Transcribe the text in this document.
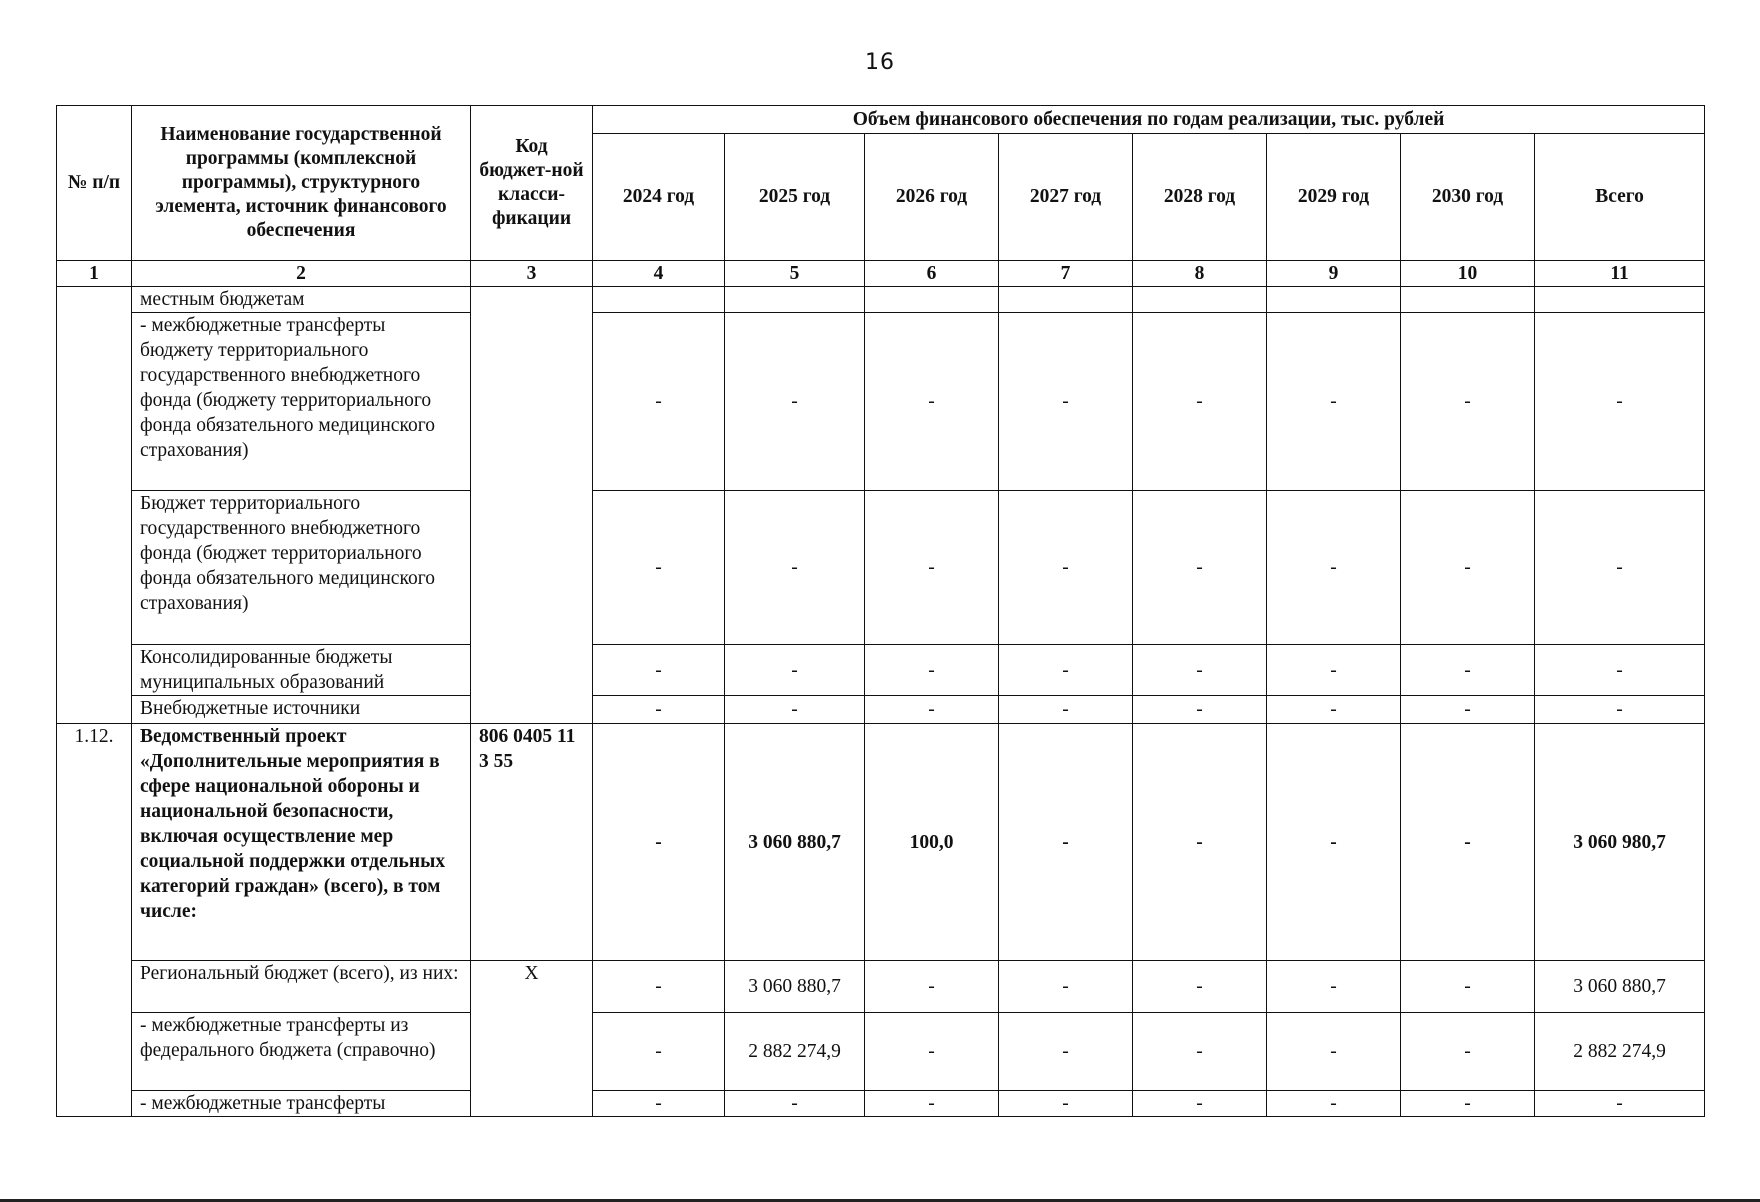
16
№ п/п	Наименование государственной программы (комплексной программы), структурного элемента, источник финансового обеспечения	Код бюджет-ной класси-фикации	Объем финансового обеспечения по годам реализации, тыс. рублей							
			2024 год	2025 год	2026 год	2027 год	2028 год	2029 год	2030 год	Всего
1	2	3	4	5	6	7	8	9	10	11
	местным бюджетам									
	- межбюджетные трансферты бюджету территориального государственного внебюджетного фонда (бюджету территориального фонда обязательного медицинского страхования)		-	-	-	-	-	-	-	-
	Бюджет территориального государственного внебюджетного фонда (бюджет территориального фонда обязательного медицинского страхования)		-	-	-	-	-	-	-	-
	Консолидированные бюджеты муниципальных образований		-	-	-	-	-	-	-	-
	Внебюджетные источники		-	-	-	-	-	-	-	-
1.12.	Ведомственный проект «Дополнительные мероприятия в сфере национальной обороны и национальной безопасности, включая осуществление мер социальной поддержки отдельных категорий граждан» (всего), в том числе:	806 0405 11 3 55	-	3 060 880,7	100,0	-	-	-	-	3 060 980,7
	Региональный бюджет (всего), из них:	X	-	3 060 880,7	-	-	-	-	-	3 060 880,7
	- межбюджетные трансферты из федерального бюджета (справочно)		-	2 882 274,9	-	-	-	-	-	2 882 274,9
	- межбюджетные трансферты		-	-	-	-	-	-	-	-
